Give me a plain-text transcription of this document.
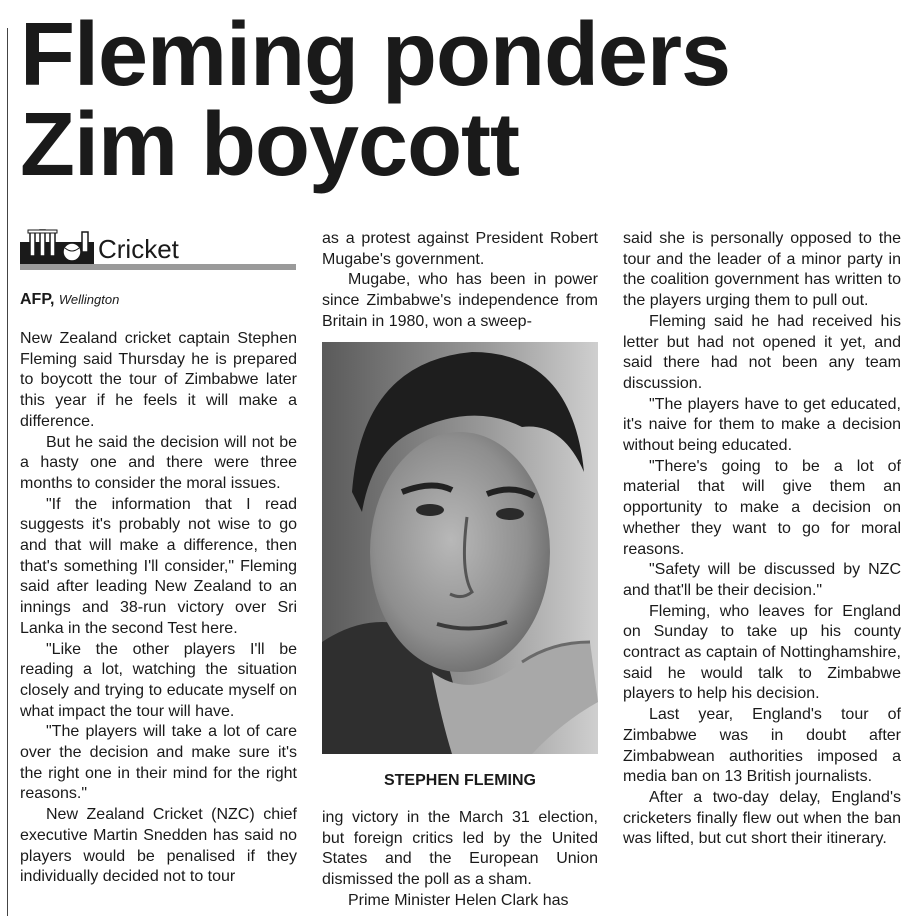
Fleming ponders
Zim boycott
Cricket
AFP, Wellington

New Zealand cricket captain Stephen Fleming said Thursday he is prepared to boycott the tour of Zimbabwe later this year if he feels it will make a difference.

But he said the decision will not be a hasty one and there were three months to consider the moral issues.

"If the information that I read suggests it's probably not wise to go and that will make a difference, then that's something I'll consider," Fleming said after leading New Zealand to an innings and 38-run victory over Sri Lanka in the second Test here.

"Like the other players I'll be reading a lot, watching the situation closely and trying to educate myself on what impact the tour will have.

"The players will take a lot of care over the decision and make sure it's the right one in their mind for the right reasons."

New Zealand Cricket (NZC) chief executive Martin Snedden has said no players would be penalised if they individually decided not to tour

as a protest against President Robert Mugabe's government.

Mugabe, who has been in power since Zimbabwe's independence from Britain in 1980, won a sweep-

STEPHEN FLEMING

ing victory in the March 31 election, but foreign critics led by the United States and the European Union dismissed the poll as a sham.

Prime Minister Helen Clark has

said she is personally opposed to the tour and the leader of a minor party in the coalition government has written to the players urging them to pull out.

Fleming said he had received his letter but had not opened it yet, and said there had not been any team discussion.

"The players have to get educated, it's naive for them to make a decision without being educated.

"There's going to be a lot of material that will give them an opportunity to make a decision on whether they want to go for moral reasons.

"Safety will be discussed by NZC and that'll be their decision."

Fleming, who leaves for England on Sunday to take up his county contract as captain of Nottinghamshire, said he would talk to Zimbabwe players to help his decision.

Last year, England's tour of Zimbabwe was in doubt after Zimbabwean authorities imposed a media ban on 13 British journalists.

After a two-day delay, England's cricketers finally flew out when the ban was lifted, but cut short their itinerary.
